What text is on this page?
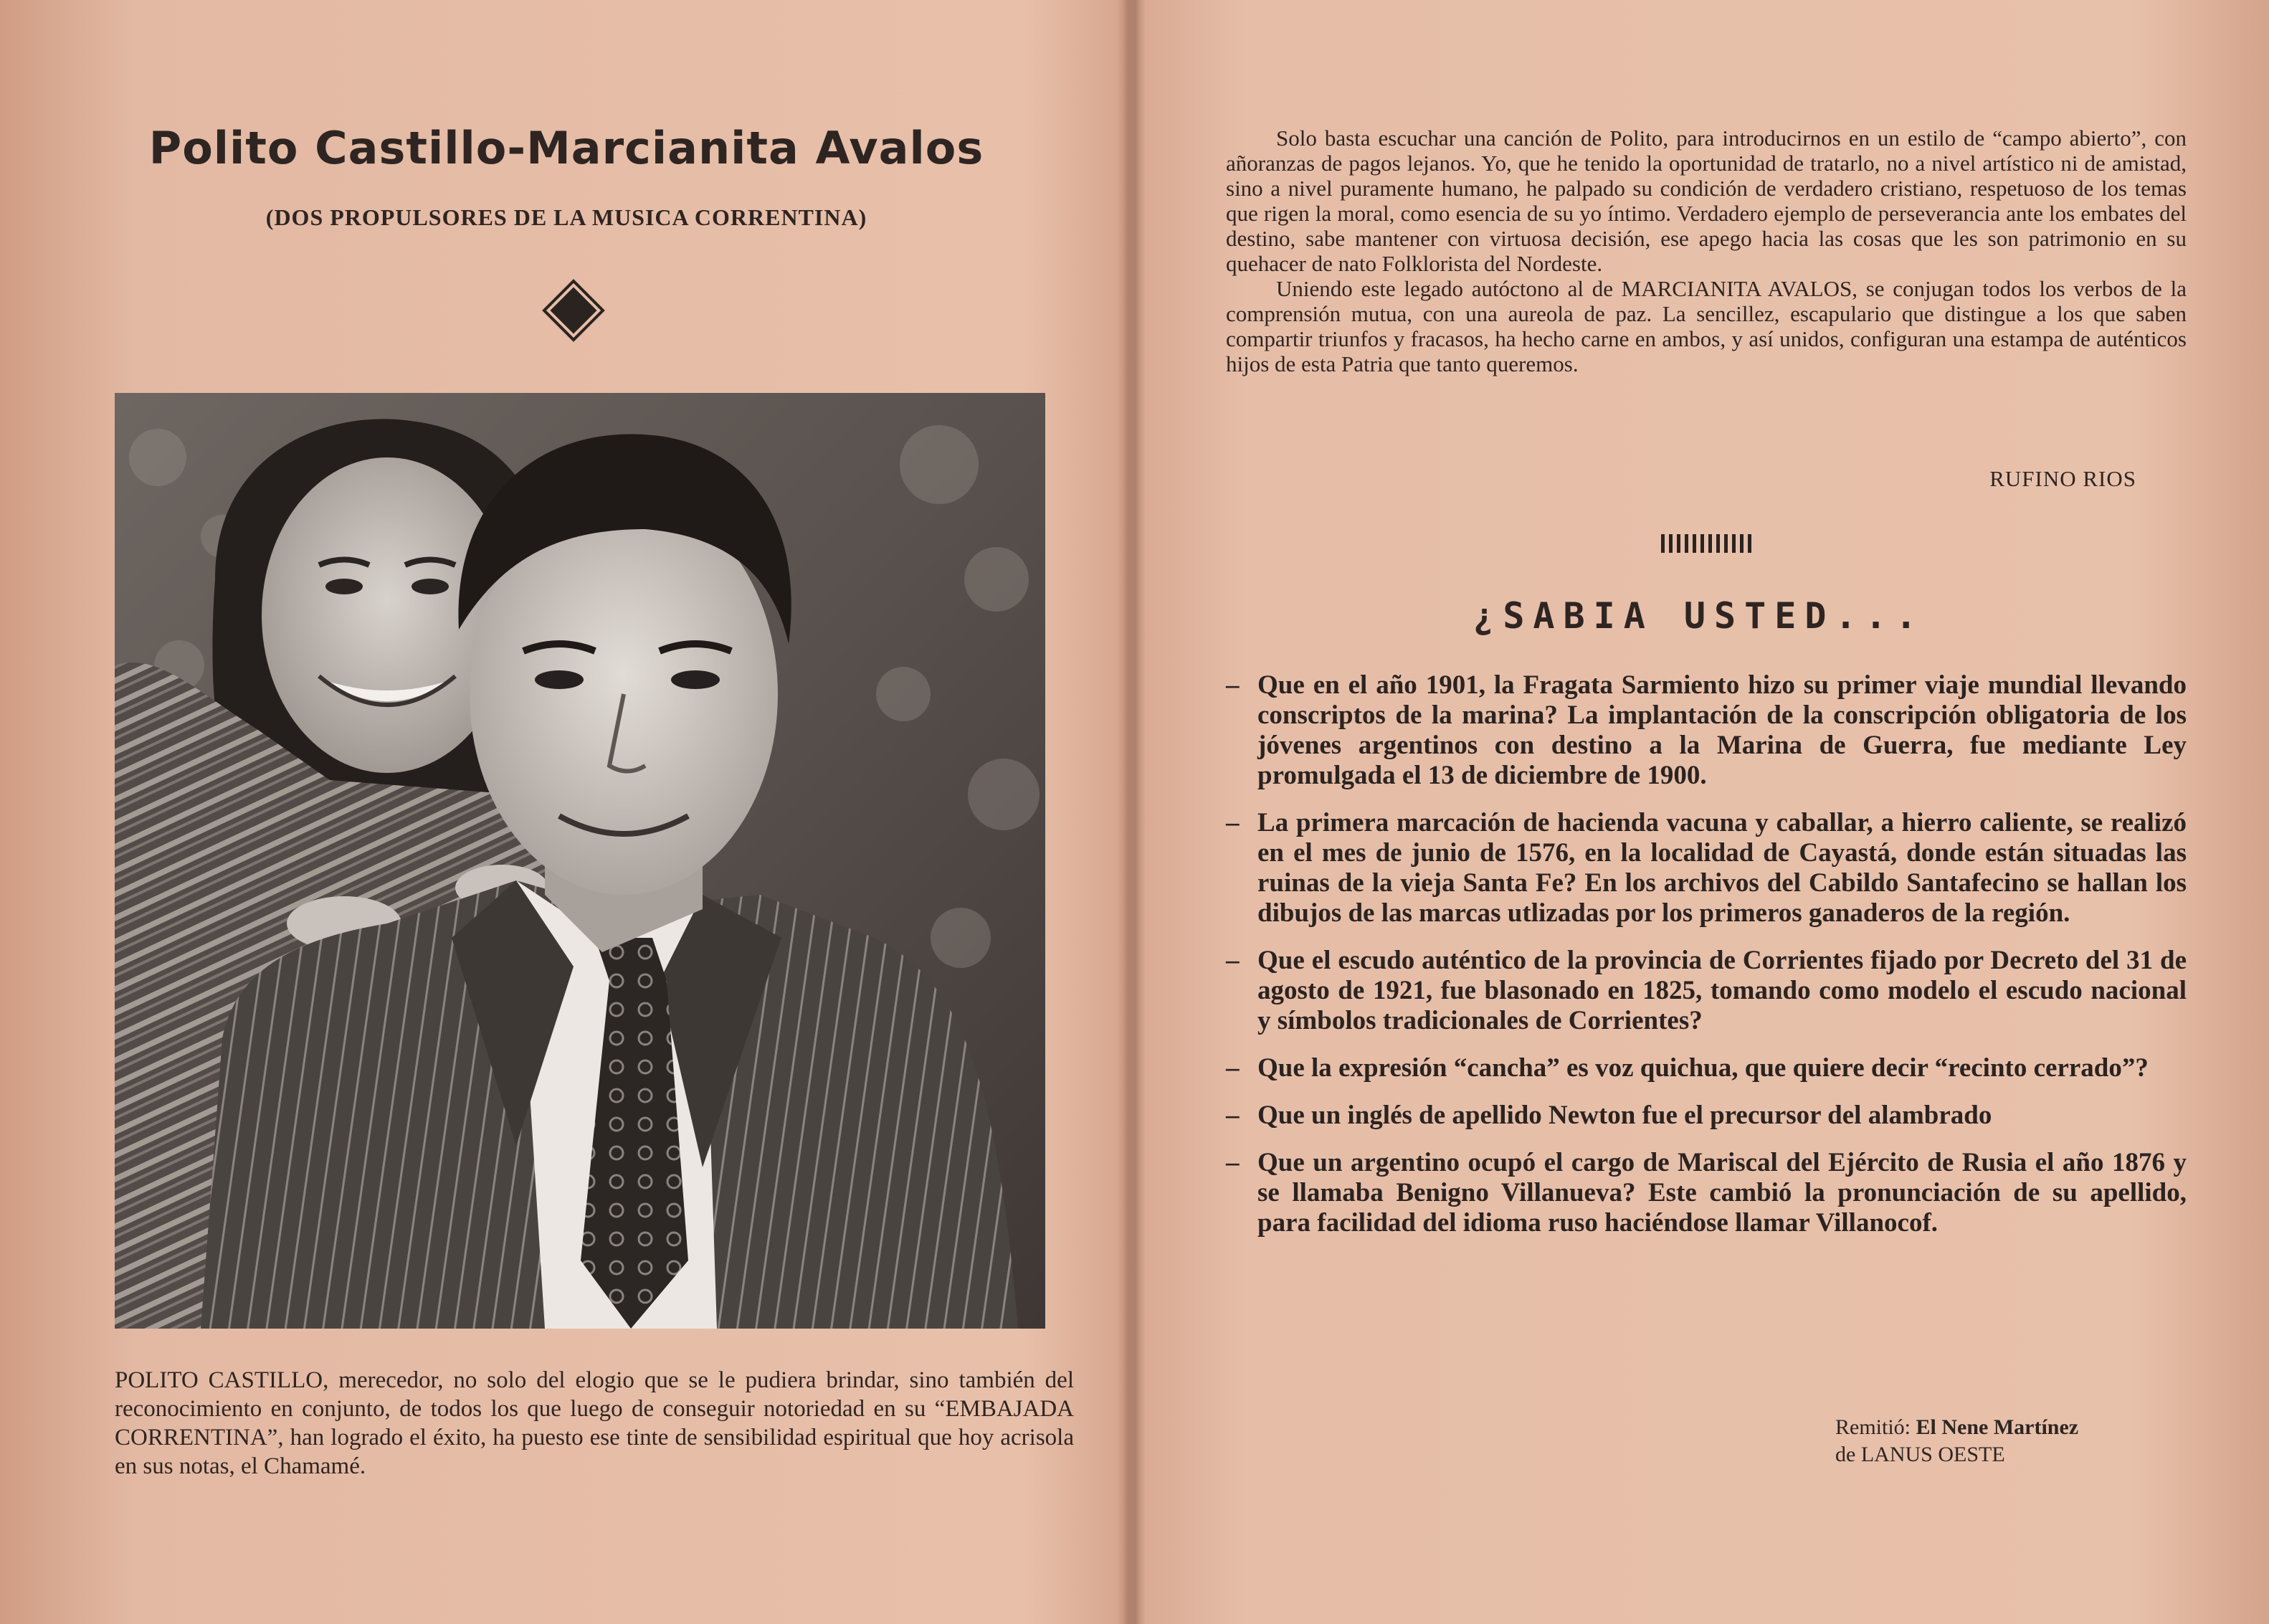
Polito Castillo-Marcianita Avalos
(DOS PROPULSORES DE LA MUSICA CORRENTINA)
POLITO CASTILLO, merecedor, no solo del elogio que se le pudiera brindar, sino también del reconocimiento en conjunto, de todos los que luego de conseguir notoriedad en su “EMBAJADA CORRENTINA”, han logrado el éxito, ha puesto ese tinte de sensibilidad espiritual que hoy acrisola en sus notas, el Chamamé.

Solo basta escuchar una canción de Polito, para introducirnos en un estilo de “campo abierto”, con añoranzas de pagos lejanos. Yo, que he tenido la oportunidad de tratarlo, no a nivel artístico ni de amistad, sino a nivel puramente humano, he palpado su condición de verdadero cristiano, respetuoso de los temas que rigen la moral, como esencia de su yo íntimo. Verdadero ejemplo de perseverancia ante los embates del destino, sabe mantener con virtuosa decisión, ese apego hacia las cosas que les son patrimonio en su quehacer de nato Folklorista del Nordeste.

Uniendo este legado autóctono al de MARCIANITA AVALOS, se conjugan todos los verbos de la comprensión mutua, con una aureola de paz. La sencillez, escapulario que distingue a los que saben compartir triunfos y fracasos, ha hecho carne en ambos, y así unidos, configuran una estampa de auténticos hijos de esta Patria que tanto queremos.

RUFINO RIOS
¿SABIA USTED...
– Que en el año 1901, la Fragata Sarmiento hizo su primer viaje mundial llevando conscriptos de la marina? La implantación de la conscripción obligatoria de los jóvenes argentinos con destino a la Marina de Guerra, fue mediante Ley promulgada el 13 de diciembre de 1900.
– La primera marcación de hacienda vacuna y caballar, a hierro caliente, se realizó en el mes de junio de 1576, en la localidad de Cayastá, donde están situadas las ruinas de la vieja Santa Fe? En los archivos del Cabildo Santafecino se hallan los dibujos de las marcas utlizadas por los primeros ganaderos de la región.
– Que el escudo auténtico de la provincia de Corrientes fijado por Decreto del 31 de agosto de 1921, fue blasonado en 1825, tomando como modelo el escudo nacional y símbolos tradicionales de Corrientes?
– Que la expresión “cancha” es voz quichua, que quiere decir “recinto cerrado”?
– Que un inglés de apellido Newton fue el precursor del alambrado
– Que un argentino ocupó el cargo de Mariscal del Ejército de Rusia el año 1876 y se llamaba Benigno Villanueva? Este cambió la pronunciación de su apellido, para facilidad del idioma ruso haciéndose llamar Villanocof.
Remitió: El Nene Martínez
de LANUS OESTE
